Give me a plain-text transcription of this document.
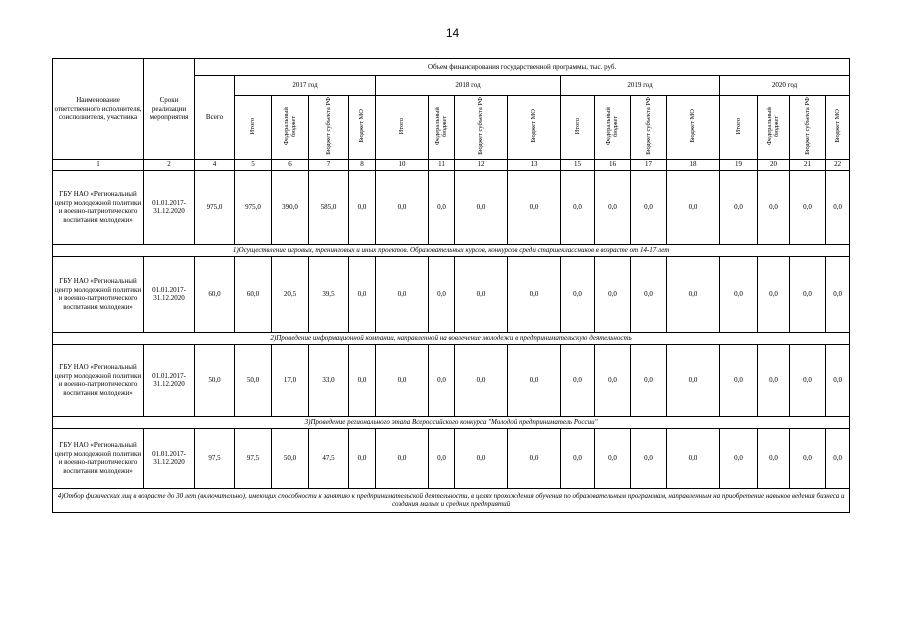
14
Наименование ответственного исполнителя, соисполнителя, участника	Сроки реализации мероприятия	Объем финансирования государственной программы, тыс. руб.																
		Всего	2017 год				2018 год				2019 год				2020 год			
			Итого	Федеральный бюджет	Бюджет субъекта РФ	Бюджет МО	Итого	Федеральный бюджет	Бюджет субъекта РФ	Бюджет МО	Итого	Федеральный бюджет	Бюджет субъекта РФ	Бюджет МО	Итого	Федеральный бюджет	Бюджет субъекта РФ	Бюджет МО
1	2	4	5	6	7	8	10	11	12	13	15	16	17	18	19	20	21	22
ГБУ НАО «Региональный центр молодежной политики и военно-патриотического воспитания молодежи»	01.01.2017-31.12.2020	975,0	975,0	390,0	585,0	0,0	0,0	0,0	0,0	0,0	0,0	0,0	0,0	0,0	0,0	0,0	0,0	0,0
1)Осуществление игровых, тренинговых и иных проектов. Образовательных курсов, конкурсов среди старшеклассников в возрасте от 14-17 лет																		
ГБУ НАО «Региональный центр молодежной политики и военно-патриотического воспитания молодежи»	01.01.2017-31.12.2020	60,0	60,0	20,5	39,5	0,0	0,0	0,0	0,0	0,0	0,0	0,0	0,0	0,0	0,0	0,0	0,0	0,0
2)Проведение информационной компании, направленной на вовлечение молодежи в предпринимательскую деятельность																		
ГБУ НАО «Региональный центр молодежной политики и военно-патриотического воспитания молодежи»	01.01.2017-31.12.2020	50,0	50,0	17,0	33,0	0,0	0,0	0,0	0,0	0,0	0,0	0,0	0,0	0,0	0,0	0,0	0,0	0,0
3)Проведение регионального этапа Всероссийского конкурса "Молодой предприниматель России"																		
ГБУ НАО «Региональный центр молодежной политики и военно-патриотического воспитания молодежи»	01.01.2017-31.12.2020	97,5	97,5	50,0	47,5	0,0	0,0	0,0	0,0	0,0	0,0	0,0	0,0	0,0	0,0	0,0	0,0	0,0
4)Отбор физических лиц в возрасте до 30 лет (включительно), имеющих способности к занятию к предпринимательской деятельности, в целях прохождения обучения по образовательным программам, направленным на приобретение навыков ведения бизнеса и создания малых и средних предприятий																		
